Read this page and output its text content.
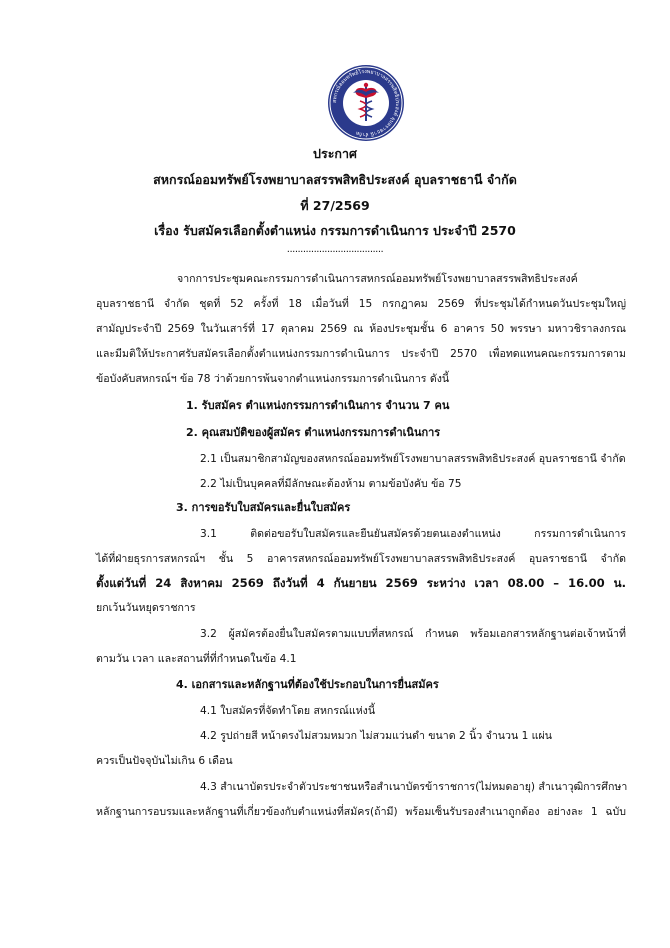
สหกรณ์ออมทรัพย์โรงพยาบาลสรรพสิทธิประสงค์ อุบลราชธานี จำกัด
ประกาศ
สหกรณ์ออมทรัพย์โรงพยาบาลสรรพสิทธิประสงค์ อุบลราชธานี จำกัด
ที่ 27/2569
เรื่อง รับสมัครเลือกตั้งตำแหน่ง กรรมการดำเนินการ ประจำปี 2570
....................................
จากการประชุมคณะกรรมการดำเนินการสหกรณ์ออมทรัพย์โรงพยาบาลสรรพสิทธิประสงค์
อุบลราชธานี จำกัด ชุดที่ 52 ครั้งที่ 18 เมื่อวันที่ 15 กรกฎาคม 2569 ที่ประชุมได้กำหนดวันประชุมใหญ่
สามัญประจำปี 2569 ในวันเสาร์ที่ 17 ตุลาคม 2569 ณ ห้องประชุมชั้น 6 อาคาร 50 พรรษา มหาวชิราลงกรณ
และมีมติให้ประกาศรับสมัครเลือกตั้งตำแหน่งกรรมการดำเนินการ ประจำปี 2570 เพื่อทดแทนคณะกรรมการตาม
ข้อบังคับสหกรณ์ฯ ข้อ 78 ว่าด้วยการพ้นจากตำแหน่งกรรมการดำเนินการ ดังนี้
1. รับสมัคร ตำแหน่งกรรมการดำเนินการ จำนวน 7 คน
2. คุณสมบัติของผู้สมัคร ตำแหน่งกรรมการดำเนินการ
2.1 เป็นสมาชิกสามัญของสหกรณ์ออมทรัพย์โรงพยาบาลสรรพสิทธิประสงค์ อุบลราชธานี จำกัด
2.2 ไม่เป็นบุคคลที่มีลักษณะต้องห้าม ตามข้อบังคับ ข้อ 75
3. การขอรับใบสมัครและยื่นใบสมัคร
3.1 ติดต่อขอรับใบสมัครและยืนยันสมัครด้วยตนเองตำแหน่ง กรรมการดำเนินการ
ได้ที่ฝ่ายธุรการสหกรณ์ฯ ชั้น 5 อาคารสหกรณ์ออมทรัพย์โรงพยาบาลสรรพสิทธิประสงค์ อุบลราชธานี จำกัด
ตั้งแต่วันที่ 24 สิงหาคม 2569 ถึงวันที่ 4 กันยายน 2569 ระหว่าง เวลา 08.00 – 16.00 น.
ยกเว้นวันหยุดราชการ
3.2 ผู้สมัครต้องยื่นใบสมัครตามแบบที่สหกรณ์ กำหนด พร้อมเอกสารหลักฐานต่อเจ้าหน้าที่
ตามวัน เวลา และสถานที่ที่กำหนดในข้อ 4.1
4. เอกสารและหลักฐานที่ต้องใช้ประกอบในการยื่นสมัคร
4.1 ใบสมัครที่จัดทำโดย สหกรณ์แห่งนี้
4.2 รูปถ่ายสี หน้าตรงไม่สวมหมวก ไม่สวมแว่นดำ ขนาด 2 นิ้ว จำนวน 1 แผ่น
ควรเป็นปัจจุบันไม่เกิน 6 เดือน
4.3 สำเนาบัตรประจำตัวประชาชนหรือสำเนาบัตรข้าราชการ(ไม่หมดอายุ) สำเนาวุฒิการศึกษา
หลักฐานการอบรมและหลักฐานที่เกี่ยวข้องกับตำแหน่งที่สมัคร(ถ้ามี) พร้อมเซ็นรับรองสำเนาถูกต้อง อย่างละ 1 ฉบับ
